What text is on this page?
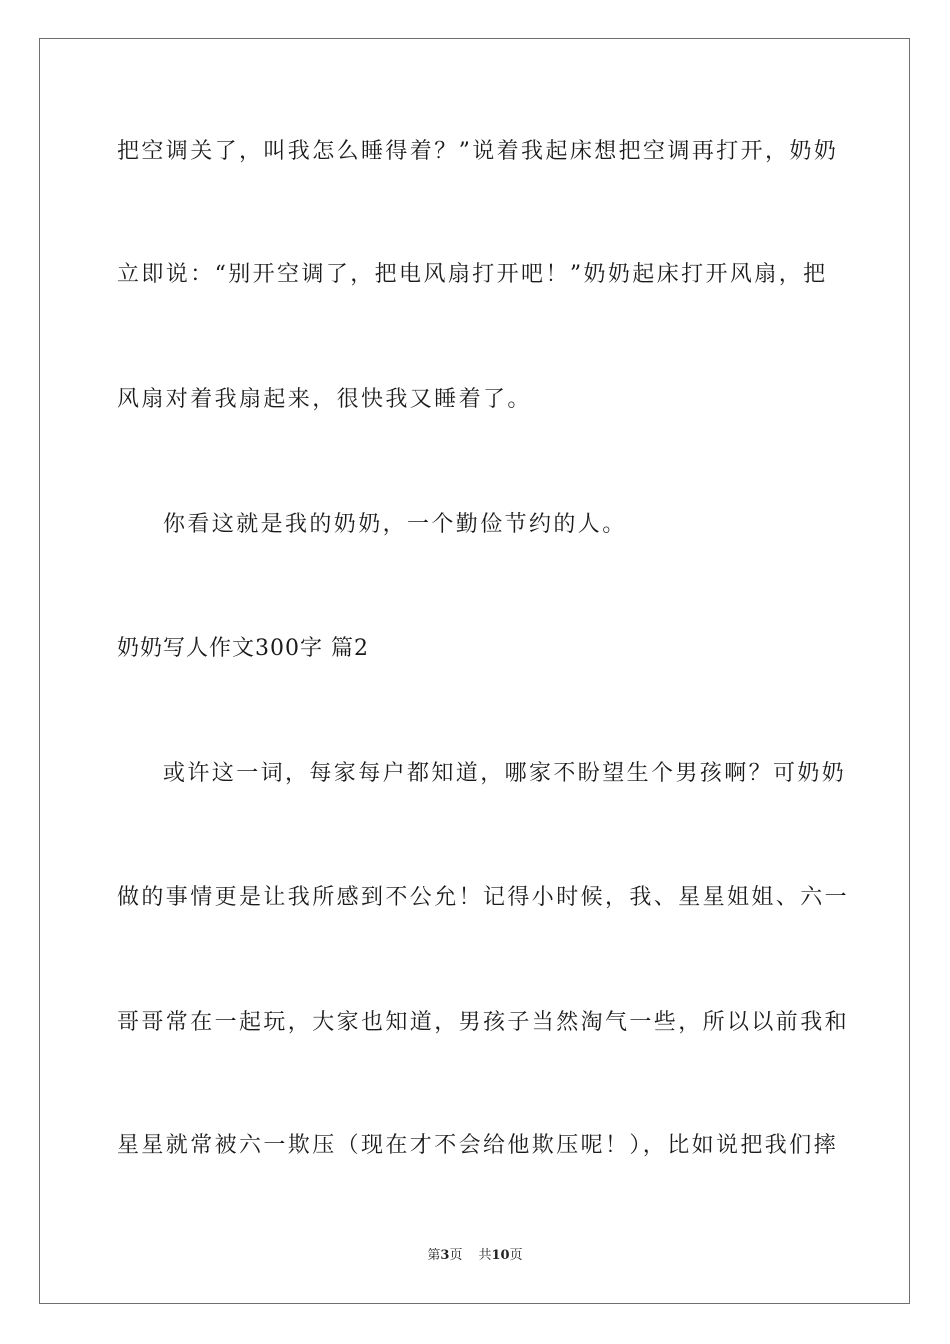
把空调关了，叫我怎么睡得着？”说着我起床想把空调再打开，奶奶
立即说：“别开空调了，把电风扇打开吧！”奶奶起床打开风扇，把
风扇对着我扇起来，很快我又睡着了。
你看这就是我的奶奶，一个勤俭节约的人。
奶奶写人作文300字 篇2
或许这一词，每家每户都知道，哪家不盼望生个男孩啊？可奶奶
做的事情更是让我所感到不公允！记得小时候，我、星星姐姐、六一
哥哥常在一起玩，大家也知道，男孩子当然淘气一些，所以以前我和
星星就常被六一欺压（现在才不会给他欺压呢！），比如说把我们摔
第3页 共10页
